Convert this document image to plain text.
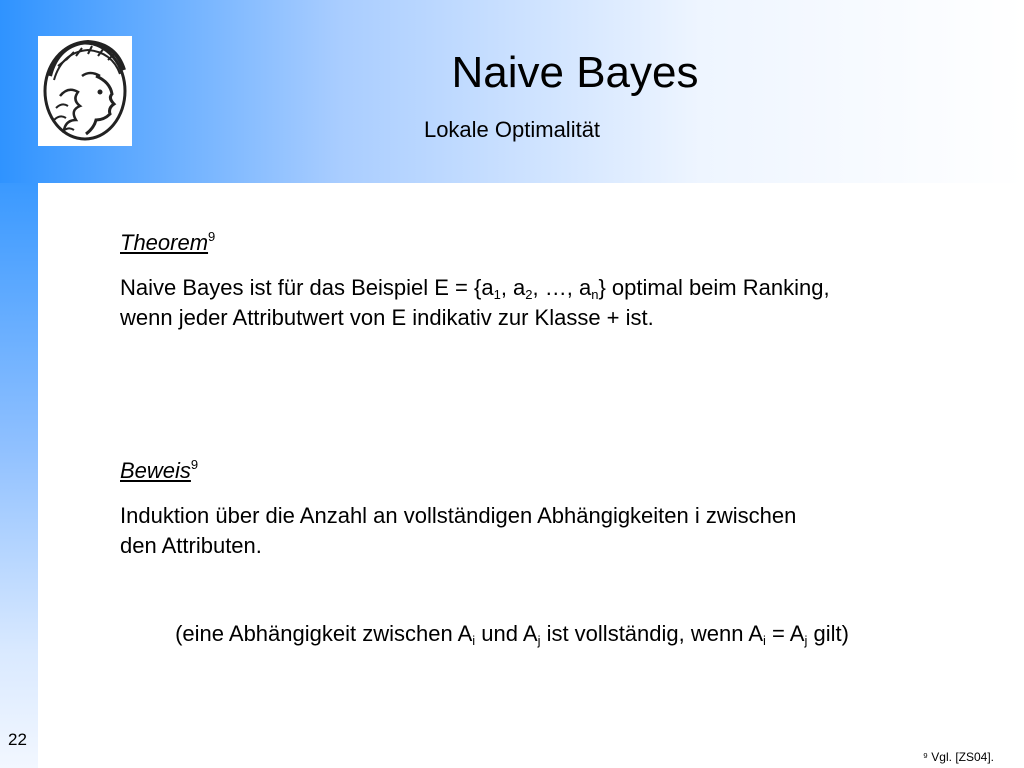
Naive Bayes
Lokale Optimalität
Theorem$^9$
Naive Bayes ist für das Beispiel $E = \{a_1$, $a_2$, …, $a_n$} optimal beim Ranking,
wenn jeder Attributwert von E indikativ zur Klasse + ist.
Beweis$^9$
Induktion über die Anzahl an vollständigen Abhängigkeiten i zwischen
den Attributen.
(eine Abhängigkeit zwischen $A_i$ und $A_j$ ist vollständig, wenn $A_i = A_j$ gilt)
22
⁹ Vgl. [ZS04].
